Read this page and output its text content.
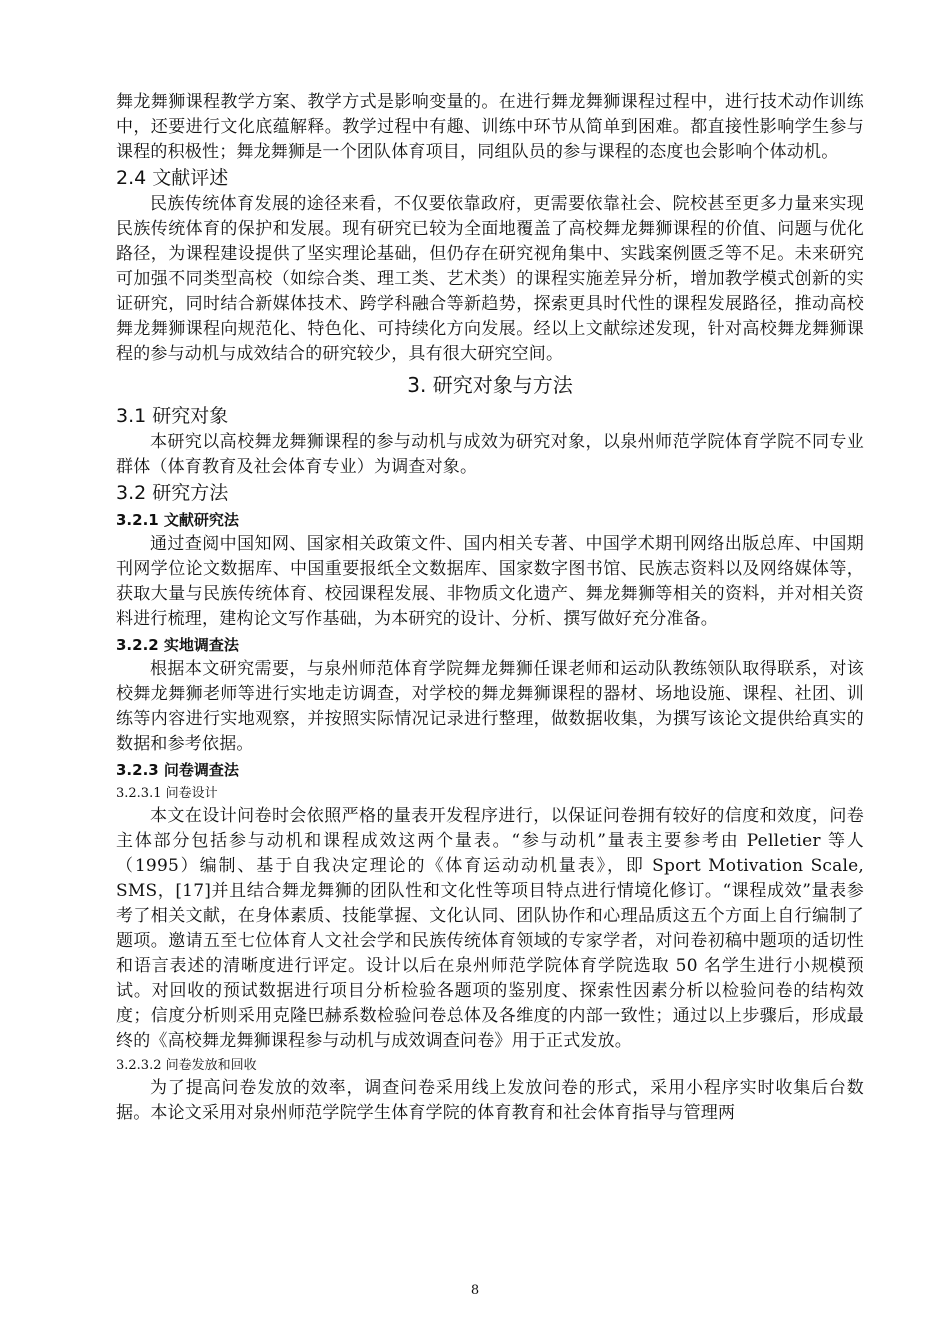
舞龙舞狮课程教学方案、教学方式是影响变量的。在进行舞龙舞狮课程过程中，进行技术动作训练中，还要进行文化底蕴解释。教学过程中有趣、训练中环节从简单到困难。都直接性影响学生参与课程的积极性；舞龙舞狮是一个团队体育项目，同组队员的参与课程的态度也会影响个体动机。

2.4 文献评述

民族传统体育发展的途径来看，不仅要依靠政府，更需要依靠社会、院校甚至更多力量来实现民族传统体育的保护和发展。现有研究已较为全面地覆盖了高校舞龙舞狮课程的价值、问题与优化路径，为课程建设提供了坚实理论基础，但仍存在研究视角集中、实践案例匮乏等不足。未来研究可加强不同类型高校（如综合类、理工类、艺术类）的课程实施差异分析，增加教学模式创新的实证研究，同时结合新媒体技术、跨学科融合等新趋势，探索更具时代性的课程发展路径，推动高校舞龙舞狮课程向规范化、特色化、可持续化方向发展。经以上文献综述发现，针对高校舞龙舞狮课程的参与动机与成效结合的研究较少，具有很大研究空间。

3. 研究对象与方法
3.1 研究对象

本研究以高校舞龙舞狮课程的参与动机与成效为研究对象，以泉州师范学院体育学院不同专业群体（体育教育及社会体育专业）为调查对象。

3.2 研究方法
3.2.1 文献研究法

通过查阅中国知网、国家相关政策文件、国内相关专著、中国学术期刊网络出版总库、中国期刊网学位论文数据库、中国重要报纸全文数据库、国家数字图书馆、民族志资料以及网络媒体等，获取大量与民族传统体育、校园课程发展、非物质文化遗产、舞龙舞狮等相关的资料，并对相关资料进行梳理，建构论文写作基础，为本研究的设计、分析、撰写做好充分准备。

3.2.2 实地调查法

根据本文研究需要，与泉州师范体育学院舞龙舞狮任课老师和运动队教练领队取得联系，对该校舞龙舞狮老师等进行实地走访调查，对学校的舞龙舞狮课程的器材、场地设施、课程、社团、训练等内容进行实地观察，并按照实际情况记录进行整理，做数据收集，为撰写该论文提供给真实的数据和参考依据。

3.2.3 问卷调查法
3.2.3.1 问卷设计

本文在设计问卷时会依照严格的量表开发程序进行，以保证问卷拥有较好的信度和效度，问卷主体部分包括参与动机和课程成效这两个量表。“参与动机”量表主要参考由 Pelletier 等人（1995）编制、基于自我决定理论的《体育运动动机量表》，即 Sport Motivation Scale, SMS，[17]并且结合舞龙舞狮的团队性和文化性等项目特点进行情境化修订。“课程成效”量表参考了相关文献，在身体素质、技能掌握、文化认同、团队协作和心理品质这五个方面上自行编制了题项。邀请五至七位体育人文社会学和民族传统体育领域的专家学者，对问卷初稿中题项的适切性和语言表述的清晰度进行评定。设计以后在泉州师范学院体育学院选取 50 名学生进行小规模预试。对回收的预试数据进行项目分析检验各题项的鉴别度、探索性因素分析以检验问卷的结构效度；信度分析则采用克隆巴赫系数检验问卷总体及各维度的内部一致性；通过以上步骤后，形成最终的《高校舞龙舞狮课程参与动机与成效调查问卷》用于正式发放。

3.2.3.2 问卷发放和回收

为了提高问卷发放的效率，调查问卷采用线上发放问卷的形式，采用小程序实时收集后台数据。本论文采用对泉州师范学院学生体育学院的体育教育和社会体育指导与管理两

8
